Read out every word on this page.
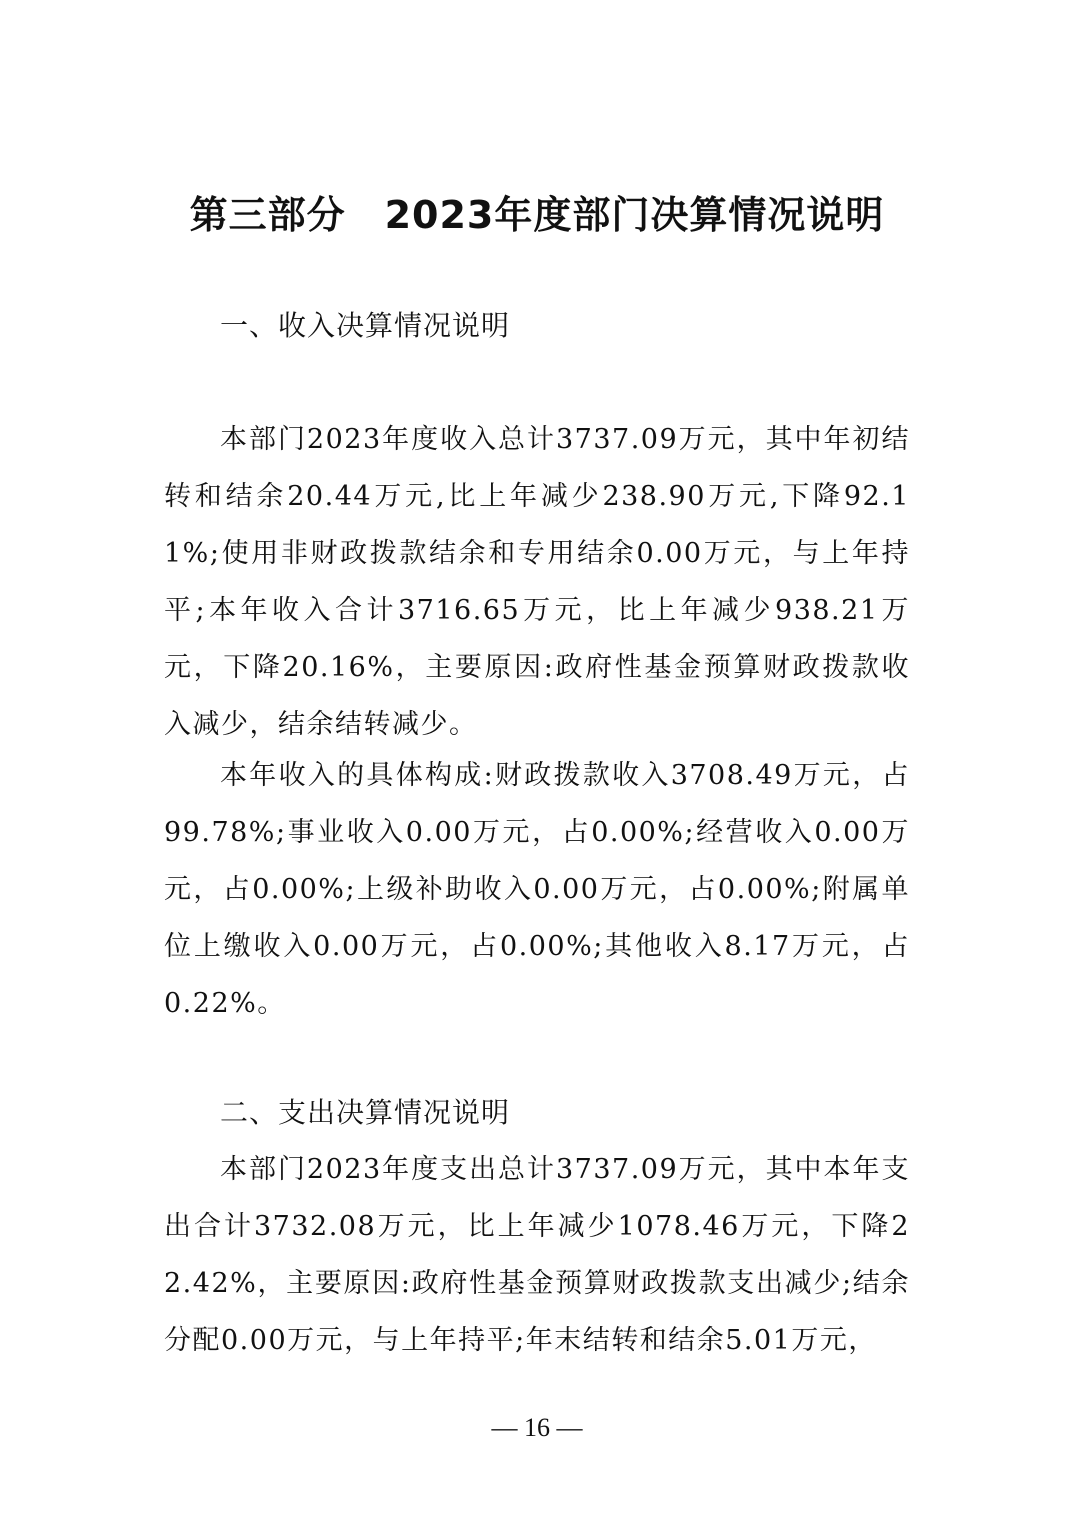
第三部分　2023年度部门决算情况说明
一、收入决算情况说明

本部门2023年度收入总计3737.09万元，其中年初结转和结余20.44万元,比上年减少238.90万元,下降92.11%;使用非财政拨款结余和专用结余0.00万元，与上年持平;本年收入合计3716.65万元，比上年减少938.21万元，下降20.16%，主要原因:政府性基金预算财政拨款收入减少，结余结转减少。

本年收入的具体构成:财政拨款收入3708.49万元，占99.78%;事业收入0.00万元，占0.00%;经营收入0.00万元，占0.00%;上级补助收入0.00万元，占0.00%;附属单位上缴收入0.00万元，占0.00%;其他收入8.17万元，占0.22%。

二、支出决算情况说明

本部门2023年度支出总计3737.09万元，其中本年支出合计3732.08万元，比上年减少1078.46万元，下降22.42%，主要原因:政府性基金预算财政拨款支出减少;结余分配0.00万元，与上年持平;年末结转和结余5.01万元，

— 16 —
